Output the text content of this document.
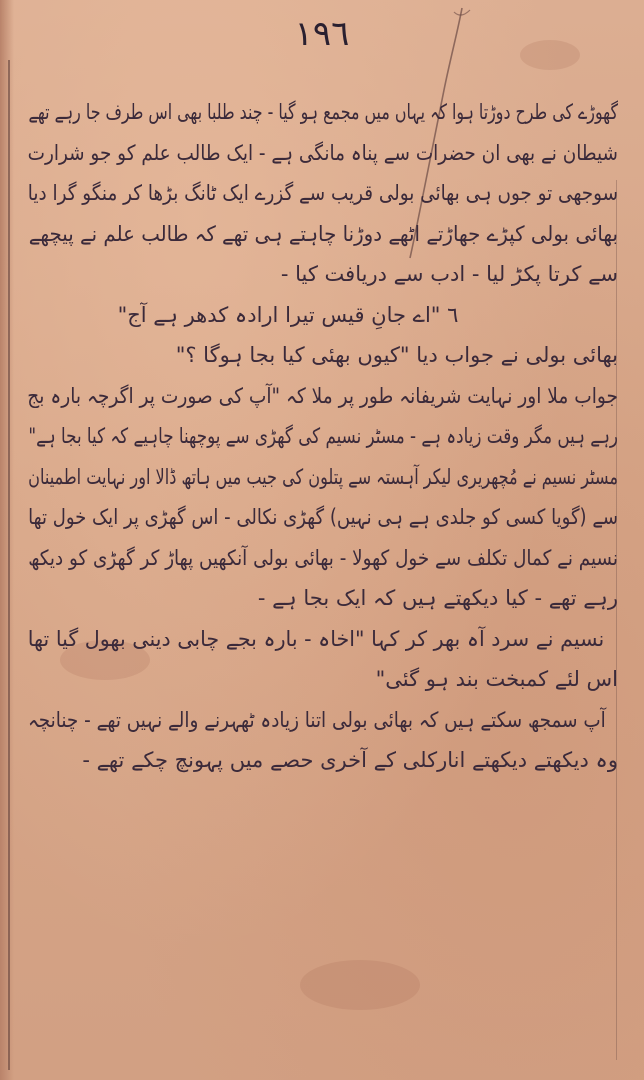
١٩٦
گھوڑے کی طرح دوڑتا ہوا کہ یہاں میں مجمع ہو گیا - چند طلبا بھی اس طرف جا رہے تھے
شیطان نے بھی ان حضرات سے پناہ مانگی ہے - ایک طالب علم کو جو شرارت
سوجھی تو جوں ہی بھائی بولی قریب سے گزرے ایک ٹانگ بڑھا کر منگو گرا دیا
بھائی بولی کپڑے جھاڑتے اٹھے دوڑنا چاہتے ہی تھے کہ طالب علم نے پیچھے
سے کرتا پکڑ لیا - ادب سے دریافت کیا -
٦ "اے جانِ قیس تیرا ارادہ کدھر ہے آج"
بھائی بولی نے جواب دیا "کیوں بھئی کیا بجا ہوگا ؟"
جواب ملا اور نہایت شریفانہ طور پر ملا کہ "آپ کی صورت پر اگرچہ بارہ بج
رہے ہیں مگر وقت زیادہ ہے - مسٹر نسیم کی گھڑی سے پوچھنا چاہیے کہ کیا بجا ہے"
مسٹر نسیم نے مُچھریری لیکر آہستہ سے پتلون کی جیب میں ہاتھ ڈالا اور نہایت اطمینان
سے (گویا کسی کو جلدی ہے ہی نہیں) گھڑی نکالی - اس گھڑی پر ایک خول تھا
نسیم نے کمال تکلف سے خول کھولا - بھائی بولی آنکھیں پھاڑ کر گھڑی کو دیکھ
رہے تھے - کیا دیکھتے ہیں کہ ایک بجا ہے -
نسیم نے سرد آہ بھر کر کہا "اخاہ - بارہ بجے چابی دینی بھول گیا تھا
اس لئے کمبخت بند ہو گئی"
آپ سمجھ سکتے ہیں کہ بھائی بولی اتنا زیادہ ٹھہرنے والے نہیں تھے - چنانچہ
وہ دیکھتے دیکھتے انارکلی کے آخری حصے میں پہونچ چکے تھے -
